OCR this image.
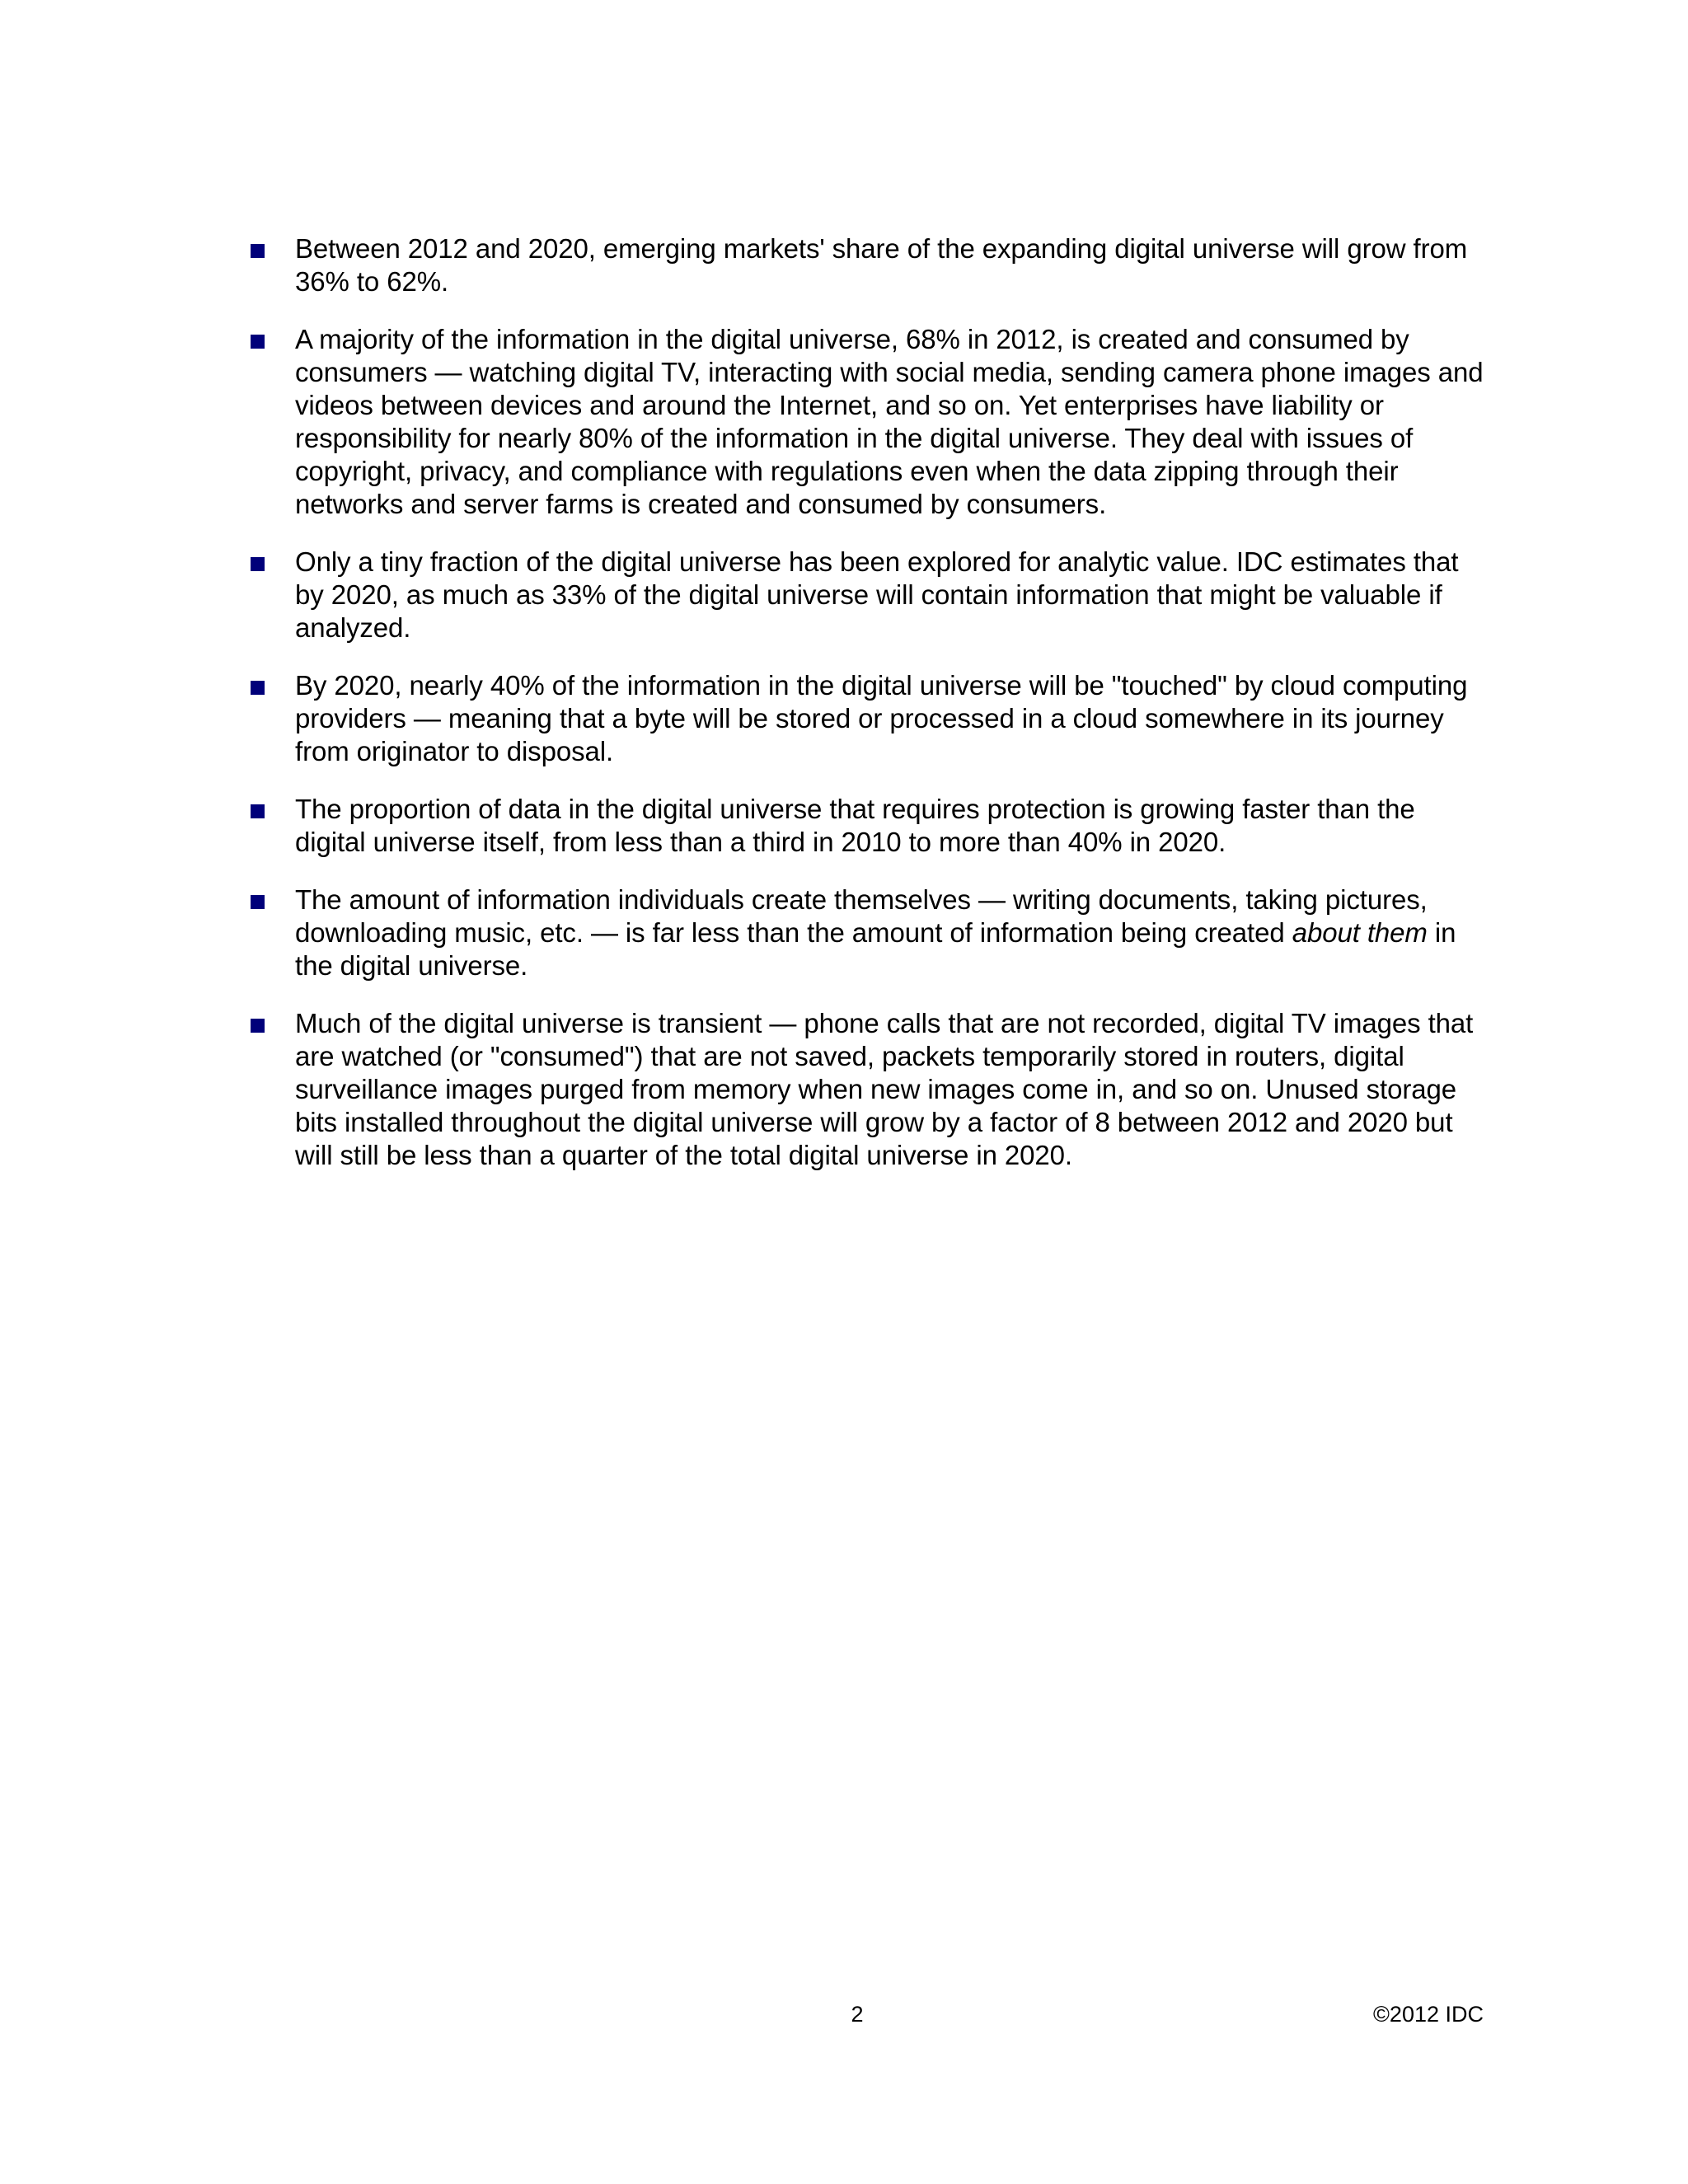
Between 2012 and 2020, emerging markets' share of the expanding digital universe will grow from 36% to 62%.
A majority of the information in the digital universe, 68% in 2012, is created and consumed by consumers — watching digital TV, interacting with social media, sending camera phone images and videos between devices and around the Internet, and so on. Yet enterprises have liability or responsibility for nearly 80% of the information in the digital universe. They deal with issues of copyright, privacy, and compliance with regulations even when the data zipping through their networks and server farms is created and consumed by consumers.
Only a tiny fraction of the digital universe has been explored for analytic value. IDC estimates that by 2020, as much as 33% of the digital universe will contain information that might be valuable if analyzed.
By 2020, nearly 40% of the information in the digital universe will be "touched" by cloud computing providers — meaning that a byte will be stored or processed in a cloud somewhere in its journey from originator to disposal.
The proportion of data in the digital universe that requires protection is growing faster than the digital universe itself, from less than a third in 2010 to more than 40% in 2020.
The amount of information individuals create themselves — writing documents, taking pictures, downloading music, etc. — is far less than the amount of information being created about them in the digital universe.
Much of the digital universe is transient — phone calls that are not recorded, digital TV images that are watched (or "consumed") that are not saved, packets temporarily stored in routers, digital surveillance images purged from memory when new images come in, and so on. Unused storage bits installed throughout the digital universe will grow by a factor of 8 between 2012 and 2020 but will still be less than a quarter of the total digital universe in 2020.
2	©2012 IDC
